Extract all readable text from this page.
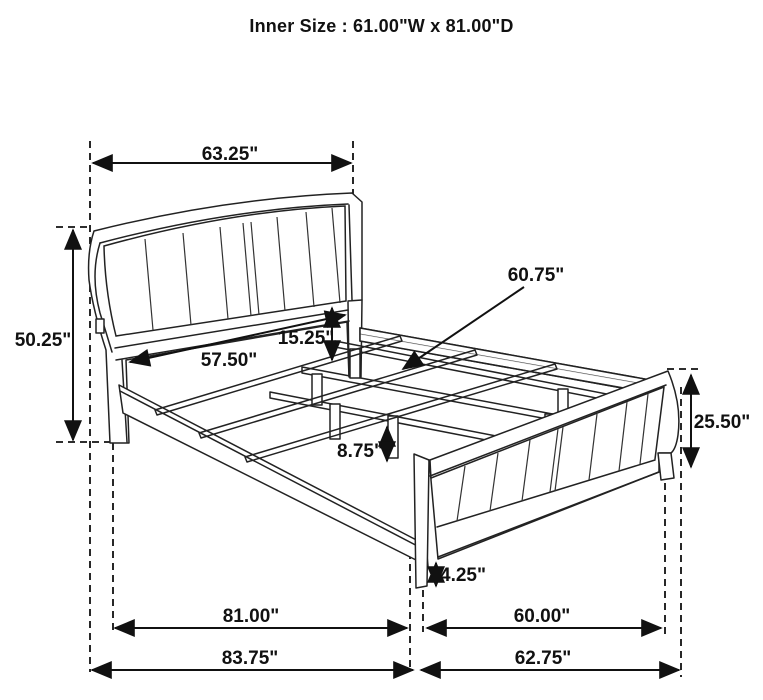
Inner Size : 61.00"W x 81.00"D
63.25"
50.25"
57.50"
15.25"
60.75"
8.75"
25.50"
4.25"
81.00"	60.00"
83.75"	62.75"
